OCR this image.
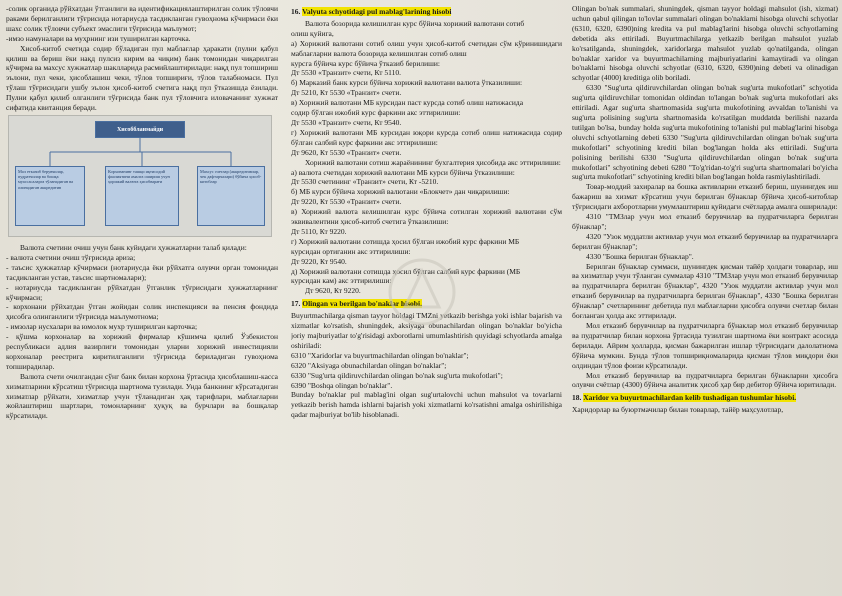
-солик органида рўйхатдан ўтганлиги ва идентификациялаштирилган солик тўловчи раками берилганлиги тўғрисида нотариусда тасдикланган гувоҳнома кўчирмаси ёки шахс солик тўловчи субъект эмаслиги тўғрисида маълумот;

-имзо намуналари ва муҳрнинг изи туширилган карточка.

Хисоб-китоб счетида содир бўладиган пул маблағлар ҳаракати (пулни қабул қилиш ва бериш ёки нақд пулсиз кирим ва чиқим) банк томонидан чиқарилган кўчирма ва махсус хужжатлар шаклларида расмийлаштирилади: нақд пул топшириш эълони, пул чеки, ҳисоблашиш чеки, тўлов топшириғи, тўлов талабномаси. Пул тўлаш тўғрисидаги ушбу эълон ҳисоб-китоб счетига нақд пул ўтказишда ёзилади. Пулни қабул қилиб олганлиги тўғрисида банк пул тўловчига иловачанинг хужжат сифатида квитанция беради.

Хисоббланмайди
Мол етказиб берувчилар, пудратчилар ва бошқа муассасаларга тўланадиган ва олинадиган аккредитив
Корхонанинг ташқи иқтисодий фаолиятини амалга ошириш учун ҳорижий валюта ҳисобварағи
Махсус счетлар (аккредитивлар, чек дафтарчалари) бўйича ҳисоб-китоблар

Валюта счетини очиш учун банк куйидаги ҳужжатларни талаб қилади:

- валюта счетини очиш тўғрисида ариза;

- таъсис ҳужжатлар кўчирмаси (нотариусда ёки рўйхатга олувчи орган томонидан тасдикланган устав, таъсис шартномалари);

- нотариусда тасдикланган рўйхатдан ўтганлик тўғрисидаги ҳужжатларнинг кўчирмаси;

- корхонани рўйхатдан ўтган жойидан солик инспекцияси ва пенсия фондида ҳисобга олинганлиги тўғрисида маълумотнома;

- имзолар нусхалари ва юмолок мухр туширилган карточка;

- қўшма корхоналар ва хорижий фирмалар кўшимча қилиб Ўзбекистон республикаси адлия вазирлиги томонидан уларни хорижий инвестицияли корхоналар реестрига киритилганлиги тўғрисида бериладиган гувоҳнома топширадилар.

Валюта счети очилгандан сўнг банк билан корхона ўртасида ҳисоблашиш-касса хизматларини кўрсатиш тўғрисида шартнома тузилади. Унда банкнинг кўрсатадиган хизматлар рўйхати, хизматлар учун тўланадиган ҳақ тарифлари, маблағларни жойлаштириш шартлари, томонларнинг ҳуқуқ ва бурчлари ва бошқалар кўрсатилади.

16. Valyuta schyotidagi pul mablag'larining hisobi

Валюта бозорида келишилган курс бўйича хорижий валютани сотиб

олиш қуйига,

а) Хорижий валютани сотиб олиш учун ҳисоб-китоб счетидан сўм кўринишидаги маблағларни валюта бозорида келишилган сотиб олиш

курсга бўйича курс бўйича ўтказиб берилиши:

Дт 5530 «Транзит» счети, Кт 5110.

б) Марказий банк курси бўйича хорижий валютани валюта ўтказилиши:

Дт 5210, Кт 5530 «Транзит» счети.

в) Хорижий валютани МБ курсидан паст курсда сотиб олиш натижасида

содир бўлган ижобий курс фаркини акс эттирилиши:

Дт 5530 «Транзит» счети, Кт 9540.

г) Хорижий валютани МБ курсидан юқори курсда сотиб олиш натижасида содир бўлган салбий курс фаркини акс эттирилиши:

Дт 9620, Кт 5530 «Транзит» счети.

Хорижий валютани сотиш жараёнининг бухгалтерия ҳисобида акс эттирилиши:

а) валюта счетидан хорижий валютани МБ курси бўйича ўтказилиши:

Дт 5530 счетининг «Транзит» счети, Кт -5210.

б) МБ курси бўйича хорижий валютани «Блокчет» дан чиқарилиши:

Дт 9220, Кт 5530 «Транзит» счети.

в) Хорижий валюта келишилган курс бўйича сотилган хорижий валютани сўм эквивалентини ҳисоб-китоб счетига ўтказилиши:

Дт 5110, Кт 9220.

г) Хорижий валютани сотишда ҳосил бўлган ижобий курс фаркини МБ

курсидан ортиганин акс эттирилиши:

Дт 9220, Кт 9540.

д) Хорижий валютани сотишда ҳосил бўлган салбий курс фаркини (МБ

курсидан кам) акс эттирилиши:

Дт 9620, Кт 9220.

17. Olingan va berilgan bo'naklar hisobi.

Buyurtmachilarga qisman tayyor holdagi TMZni yetkazib berishga yoki ishlar bajarish va xizmatlar ko'rsatish, shuningdek, aksiyaga obunachilardan olingan bo'naklar bo'yicha joriy majburiyatlar to'g'risidagi axborotlarni umumlashtirish quyidagi schyotlarda amalga oshiriladi:

6310 "Xaridorlar va buyurtmachilardan olingan bo'naklar";

6320 "Aksiyaga obunachilardan olingan bo'naklar";

6330 "Sug'urta qildiruvchilardan olingan bo'nak sug'urta mukofotlari";

6390 "Boshqa olingan bo'naklar".

Bunday bo'naklar pul mablag'ini olgan sug'urtalovchi uchun mahsulot va tovarlarni yetkazib berish hamda ishlarni bajarish yoki xizmatlarni ko'rsatishni amalga oshirilishiga qadar majburiyat bo'lib hisoblanadi.

Olingan bo'nak summalari, shuningdek, qisman tayyor holdagi mahsulot (ish, xizmat) uchun qabul qilingan to'lovlar summalari olingan bo'naklarni hisobga oluvchi schyotlar (6310, 6320, 6390)ning kredita va pul mablag'larini hisobga oluvchi schyotlarning debetida aks ettiriladi. Buyurtmachilarga yetkazib berilgan mahsulot yuzlab ko'rsatilganda, shuningdek, xaridorlarga mahsulot yuzlab qo'natilganda, olingan bo'naklar xaridor va buyurtmachilarning majburiyatlarini kamaytiradi va olingan bo'naklarni hisobga oluvchi schyotlar (6310, 6320, 6390)ning debeti va olinadigan schyotlar (4000) kreditiga olib boriladi.

6330 "Sug'urta qildiruvchilardan olingan bo'nak sug'urta mukofotlari" schyotida sug'urta qildiruvchilar tomonidan oldindan to'langan bo'nak sug'urta mukofotlari aks ettiriladi. Agar sug'urta shartnomasida sug'urta mukofotining avvaldan to'lanishi va sug'urta polisining sug'urta shartnomasida ko'rsatilgan muddatda berilishi nazarda tutilgan bo'lsa, bunday holda sug'urta mukofotining to'lanishi pul mablag'larini hisobga oluvchi schyotlarning debeti 6330 "Sug'urta qildiruvchilardan olingan bo'nak sug'urta mukofotlari" schyotining krediti bilan bog'langan holda aks ettiriladi. Sug'urta polisining berilishi 6330 "Sug'urta qildiruvchilardan olingan bo'nak sug'urta mukofotlari" schyotining debeti 6280 "To'g'ridan-to'g'ri sug'urta shartnomalari bo'yicha sug'urta mukofotlari" schyotining krediti bilan bog'langan holda rasmiylashtiriladi.

Товар-моддий захиралар ва бошка активларни етказиб бериш, шунингдек иш бажариш ва хизмат кўрсатиш учун берилган бўнаклар бўйича ҳисоб-китоблар тўғрисидаги ахборотларни умумлаштириш қуйидаги счётларда амалга оширилади:

4310 "ТМЗлар учун мол етказиб берувчилар ва пудратчиларга берилган бўнаклар";

4320 "Узок муддатли активлар учун мол етказиб берувчилар ва пудратчиларга берилган бўнаклар";

4330 "Бошка берилган бўнаклар".

Берилган бўнаклар суммаси, шунингдек қисман тайёр ҳолдаги товарлар, иш ва хизматлар учун тўланган суммалар 4310 "ТМЗлар учун мол етказиб берувчилар ва пудратчиларга берилган бўнаклар", 4320 "Узок муддатли активлар учун мол етказиб берувчилар ва пудратчиларга берилган бўнаклар", 4330 "Бошка берилган бўнаклар" счетларининг дебетида пул маблағларни ҳисобга олувчи счетлар билан боғланган ҳолда акс эттирилади.

Мол етказиб берувчилар ва пудратчиларга бўнаклар мол етказиб берувчилар ва пудратчилар билан корхона ўртасида тузилган шартнома ёки контракт асосида берилади. Айрим ҳолларда, қисман бажарилган ишлар тўғрисидаги далолатнома бўйича мумкин. Бунда тўлов топшириқномаларида қисман тўлов миқдори ёки олдиндан тўлов фоизи кўрсатилади.

Мол етказиб берувчилар ва пудратчиларга берилган бўнакларни ҳисобга олувчи счётлар (4300) бўйича аналитик ҳисоб ҳар бир дебитор бўйича юритилади.

18. Xaridor va buyurtmachilardan kelib tushadigan tushumlar hisobi.

Харидорлар ва буюртмачилар билан товарлар, тайёр маҳсулотлар,
